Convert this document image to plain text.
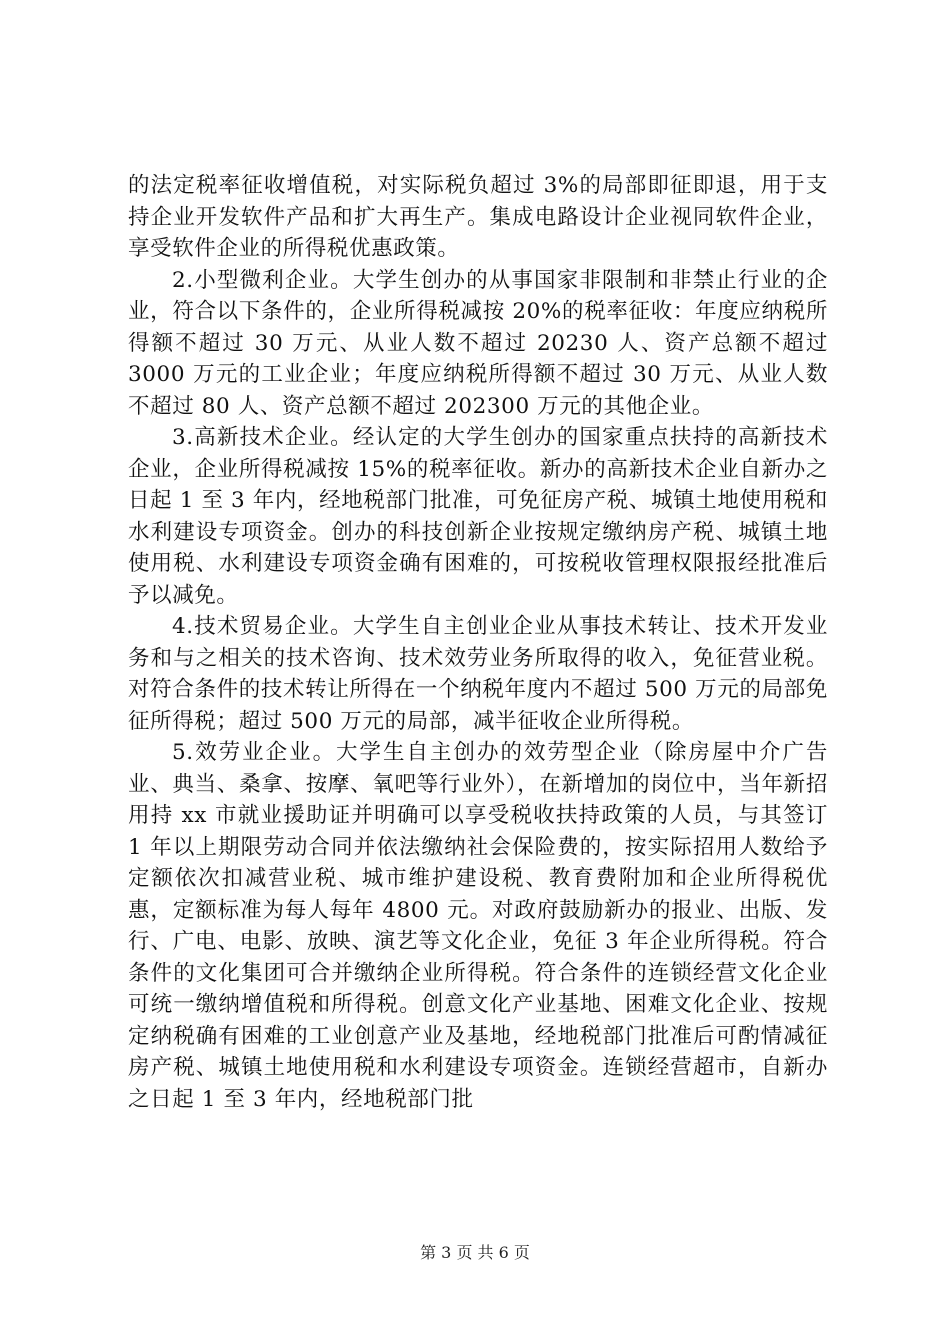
的法定税率征收增值税，对实际税负超过 3%的局部即征即退，用于支持企业开发软件产品和扩大再生产。集成电路设计企业视同软件企业，享受软件企业的所得税优惠政策。

2.小型微利企业。大学生创办的从事国家非限制和非禁止行业的企业，符合以下条件的，企业所得税减按 20%的税率征收：年度应纳税所得额不超过 30 万元、从业人数不超过 20230 人、资产总额不超过 3000 万元的工业企业；年度应纳税所得额不超过 30 万元、从业人数不超过 80 人、资产总额不超过 202300 万元的其他企业。

3.高新技术企业。经认定的大学生创办的国家重点扶持的高新技术企业，企业所得税减按 15%的税率征收。新办的高新技术企业自新办之日起 1 至 3 年内，经地税部门批准，可免征房产税、城镇土地使用税和水利建设专项资金。创办的科技创新企业按规定缴纳房产税、城镇土地使用税、水利建设专项资金确有困难的，可按税收管理权限报经批准后予以减免。

4.技术贸易企业。大学生自主创业企业从事技术转让、技术开发业务和与之相关的技术咨询、技术效劳业务所取得的收入，免征营业税。对符合条件的技术转让所得在一个纳税年度内不超过 500 万元的局部免征所得税；超过 500 万元的局部，减半征收企业所得税。

5.效劳业企业。大学生自主创办的效劳型企业（除房屋中介广告业、典当、桑拿、按摩、氧吧等行业外），在新增加的岗位中，当年新招用持 xx 市就业援助证并明确可以享受税收扶持政策的人员，与其签订 1 年以上期限劳动合同并依法缴纳社会保险费的，按实际招用人数给予定额依次扣减营业税、城市维护建设税、教育费附加和企业所得税优惠，定额标准为每人每年 4800 元。对政府鼓励新办的报业、出版、发行、广电、电影、放映、演艺等文化企业，免征 3 年企业所得税。符合条件的文化集团可合并缴纳企业所得税。符合条件的连锁经营文化企业可统一缴纳增值税和所得税。创意文化产业基地、困难文化企业、按规定纳税确有困难的工业创意产业及基地，经地税部门批准后可酌情减征房产税、城镇土地使用税和水利建设专项资金。连锁经营超市，自新办之日起 1 至 3 年内，经地税部门批

第 3 页 共 6 页
